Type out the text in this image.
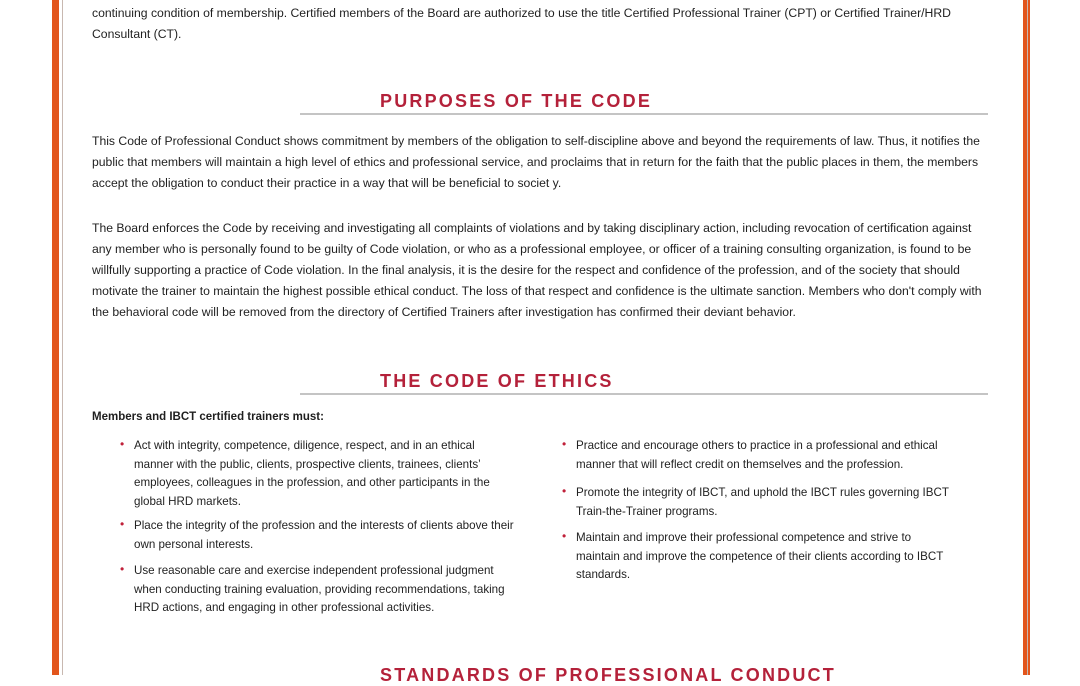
continuing condition of membership. Certified members of the Board are authorized to use the title Certified Professional Trainer (CPT) or Certified Trainer/HRD Consultant (CT).

PURPOSES OF THE CODE

This Code of Professional Conduct shows commitment by members of the obligation to self-discipline above and beyond the requirements of law. Thus, it notifies the public that members will maintain a high level of ethics and professional service, and proclaims that in return for the faith that the public places in them, the members accept the obligation to conduct their practice in a way that will be beneficial to societ y.

The Board enforces the Code by receiving and investigating all complaints of violations and by taking disciplinary action, including revocation of certification against any member who is personally found to be guilty of Code violation, or who as a professional employee, or officer of a training consulting organization, is found to be willfully supporting a practice of Code violation. In the final analysis, it is the desire for the respect and confidence of the profession, and of the society that should motivate the trainer to maintain the highest possible ethical conduct. The loss of that respect and confidence is the ultimate sanction. Members who don't comply with the behavioral code will be removed from the directory of Certified Trainers after investigation has confirmed their deviant behavior.

THE CODE OF ETHICS

Members and IBCT certified trainers must:

• Act with integrity, competence, diligence, respect, and in an ethical manner with the public, clients, prospective clients, trainees, clients’ employees, colleagues in the profession, and other participants in the global HRD markets.
• Place the integrity of the profession and the interests of clients above their own personal interests.
• Use reasonable care and exercise independent professional judgment when conducting training evaluation, providing recommendations, taking HRD actions, and engaging in other professional activities.
• Practice and encourage others to practice in a professional and ethical manner that will reflect credit on themselves and the profession.
• Promote the integrity of IBCT, and uphold the IBCT rules governing IBCT Train-the-Trainer programs.
• Maintain and improve their professional competence and strive to maintain and improve the competence of their clients according to IBCT standards.
STANDARDS OF PROFESSIONAL CONDUCT
